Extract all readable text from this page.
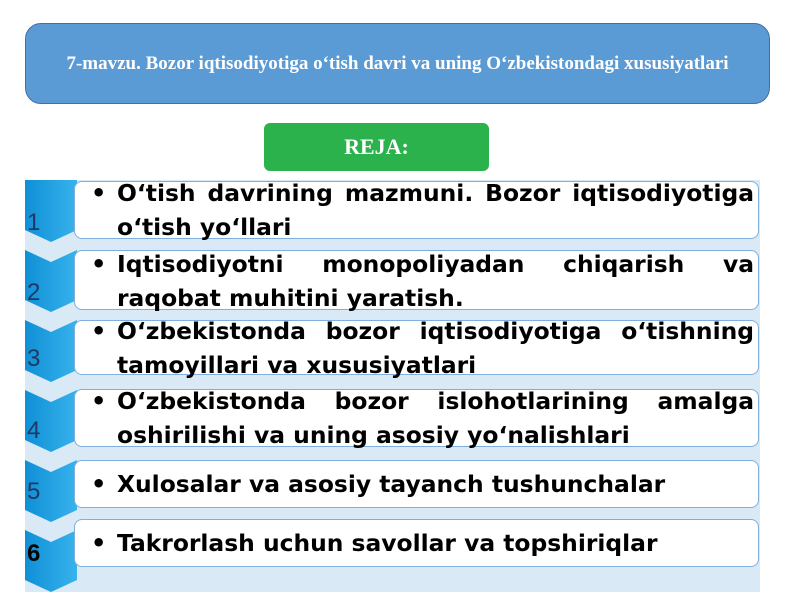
7-mavzu. Bozor iqtisodiyotiga o‘tish davri va uning O‘zbekistondagi xususiyatlari
REJA:
1
2
3
4
5
6
• O‘tish davrining mazmuni. Bozor iqtisodiyotiga o‘tish yo‘llari
• Iqtisodiyotni monopoliyadan chiqarish va raqobat muhitini yaratish.
• O‘zbekistonda bozor iqtisodiyotiga o‘tishning tamoyillari va xususiyatlari
• O‘zbekistonda bozor islohotlarining amalga oshirilishi va uning asosiy yo‘nalishlari
• Xulosalar va asosiy tayanch tushunchalar
• Takrorlash uchun savollar va topshiriqlar
